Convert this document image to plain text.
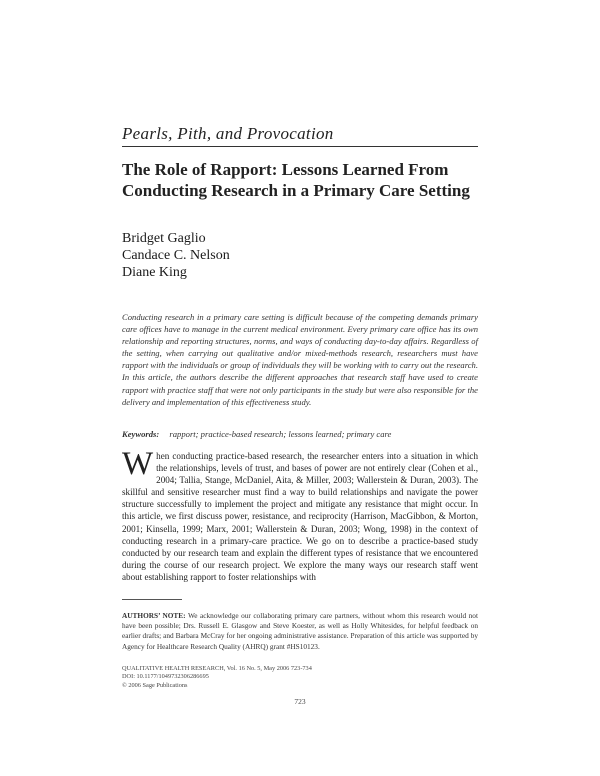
Pearls, Pith, and Provocation
The Role of Rapport: Lessons Learned From
Conducting Research in a Primary Care Setting
Bridget Gaglio
Candace C. Nelson
Diane King
Conducting research in a primary care setting is difficult because of the competing demands primary care offices have to manage in the current medical environment. Every primary care office has its own relationship and reporting structures, norms, and ways of conducting day-to-day affairs. Regardless of the setting, when carrying out qualitative and/or mixed-methods research, researchers must have rapport with the individuals or group of individuals they will be working with to carry out the research. In this article, the authors describe the different approaches that research staff have used to create rapport with practice staff that were not only participants in the study but were also responsible for the delivery and implementation of this effectiveness study.
Keywords: rapport; practice-based research; lessons learned; primary care
When conducting practice-based research, the researcher enters into a situation in which the relationships, levels of trust, and bases of power are not entirely clear (Cohen et al., 2004; Tallia, Stange, McDaniel, Aita, & Miller, 2003; Wallerstein & Duran, 2003). The skillful and sensitive researcher must find a way to build relationships and navigate the power structure successfully to implement the project and mitigate any resistance that might occur. In this article, we first discuss power, resistance, and reciprocity (Harrison, MacGibbon, & Morton, 2001; Kinsella, 1999; Marx, 2001; Wallerstein & Duran, 2003; Wong, 1998) in the context of conducting research in a primary-care practice. We go on to describe a practice-based study conducted by our research team and explain the different types of resistance that we encountered during the course of our research project. We explore the many ways our research staff went about establishing rapport to foster relationships with
AUTHORS’ NOTE: We acknowledge our collaborating primary care partners, without whom this research would not have been possible; Drs. Russell E. Glasgow and Steve Koester, as well as Holly Whitesides, for helpful feedback on earlier drafts; and Barbara McCray for her ongoing administrative assistance. Preparation of this article was supported by Agency for Healthcare Research Quality (AHRQ) grant #HS10123.
QUALITATIVE HEALTH RESEARCH, Vol. 16 No. 5, May 2006 723-734
DOI: 10.1177/1049732306286695
© 2006 Sage Publications
723
